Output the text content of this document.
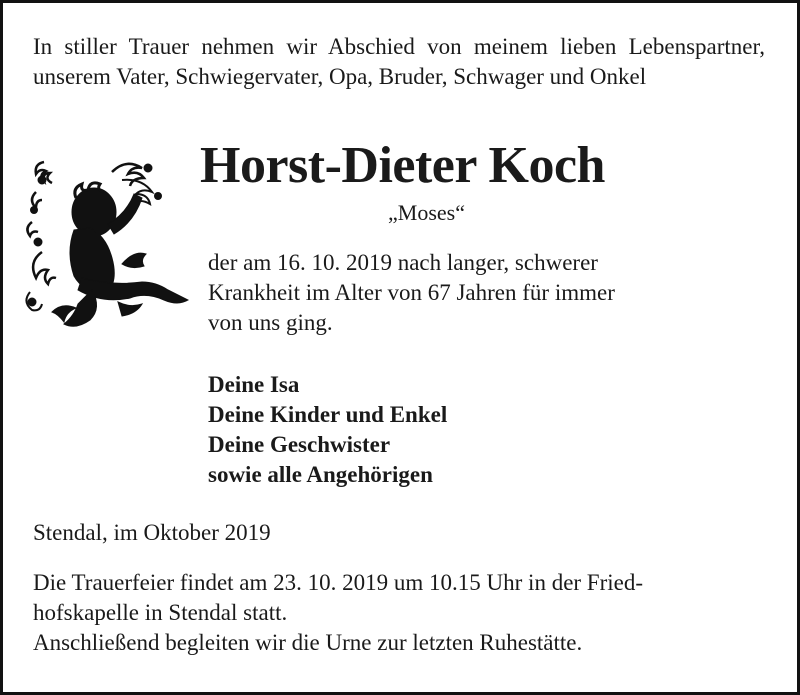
In stiller Trauer nehmen wir Abschied von meinem lieben Lebenspartner, unserem Vater, Schwiegervater, Opa, Bruder, Schwager und Onkel

Horst-Dieter Koch
„Moses“
der am 16. 10. 2019 nach langer, schwerer
Krankheit im Alter von 67 Jahren für immer
von uns ging.
Deine Isa
Deine Kinder und Enkel
Deine Geschwister
sowie alle Angehörigen
Stendal, im Oktober 2019
Die Trauerfeier findet am 23. 10. 2019 um 10.15 Uhr in der Fried-
hofskapelle in Stendal statt.
Anschließend begleiten wir die Urne zur letzten Ruhestätte.
